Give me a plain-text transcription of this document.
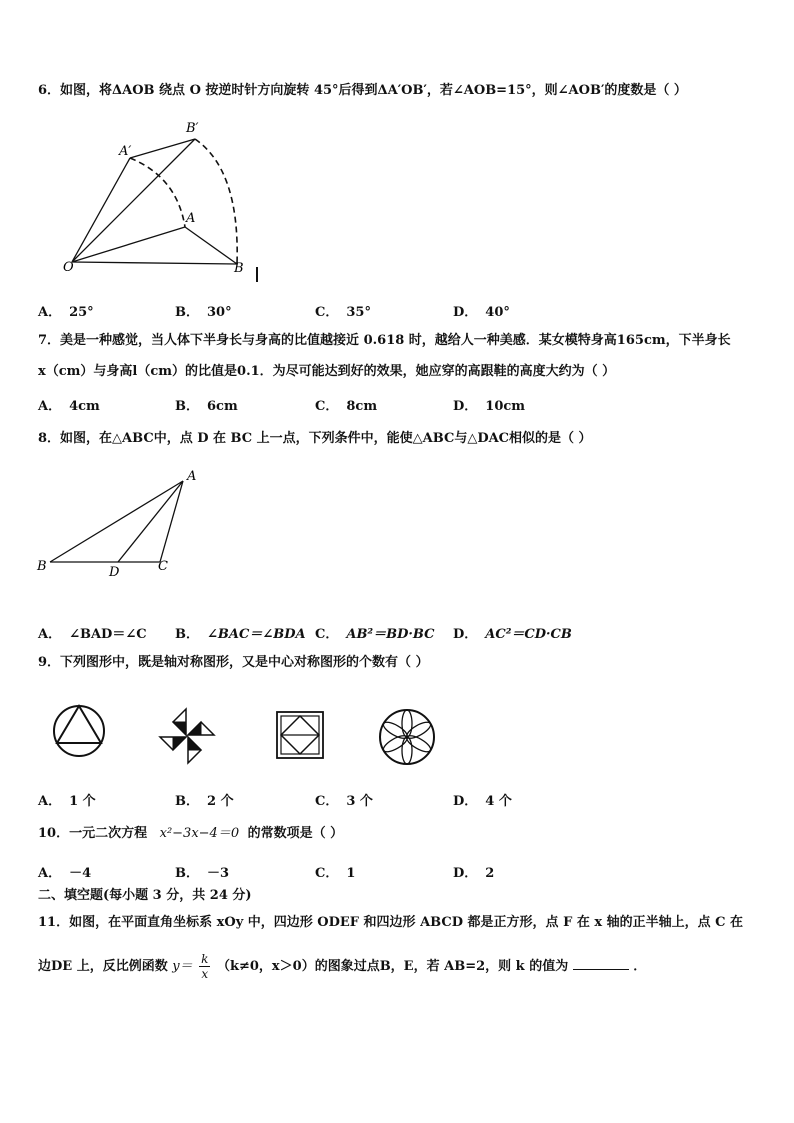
6．如图，将ΔAOB 绕点 O 按逆时针方向旋转 45°后得到ΔA′OB′，若∠AOB=15°，则∠AOB′的度数是（ ）
A′
B′
A
O	B
A． 25°	B． 30°	C． 35°	D． 40°
7．美是一种感觉，当人体下半身长与身高的比值越接近 0.618 时，越给人一种美感．某女模特身高165cm，下半身长
x（cm）与身高l（cm）的比值是0.1．为尽可能达到好的效果，她应穿的高跟鞋的高度大约为（ ）
A． 4cm	B． 6cm	C． 8cm	D． 10cm
8．如图，在△ABC中，点 D 在 BC 上一点，下列条件中，能使△ABC与△DAC相似的是（ ）
A
B	D	C
A． ∠BAD＝∠C B． ∠BAC＝∠BDA C． AB²＝BD·BC D． AC²＝CD·CB
9．下列图形中，既是轴对称图形，又是中心对称图形的个数有（ ）
A． 1 个	B． 2 个	C． 3 个	D． 4 个
10．一元二次方程 x²−3x−4＝0 的常数项是（ ）
A． －4	B． －3	C． 1	D． 2
二、填空题(每小题 3 分，共 24 分)
11．如图，在平面直角坐标系 xOy 中，四边形 ODEF 和四边形 ABCD 都是正方形，点 F 在 x 轴的正半轴上，点 C 在
边DE 上，反比例函数 $y= \frac{k}{x} (k\ne 0$，x＞0）的图象过点B，E，若 AB=2，则 k 的值为	．
